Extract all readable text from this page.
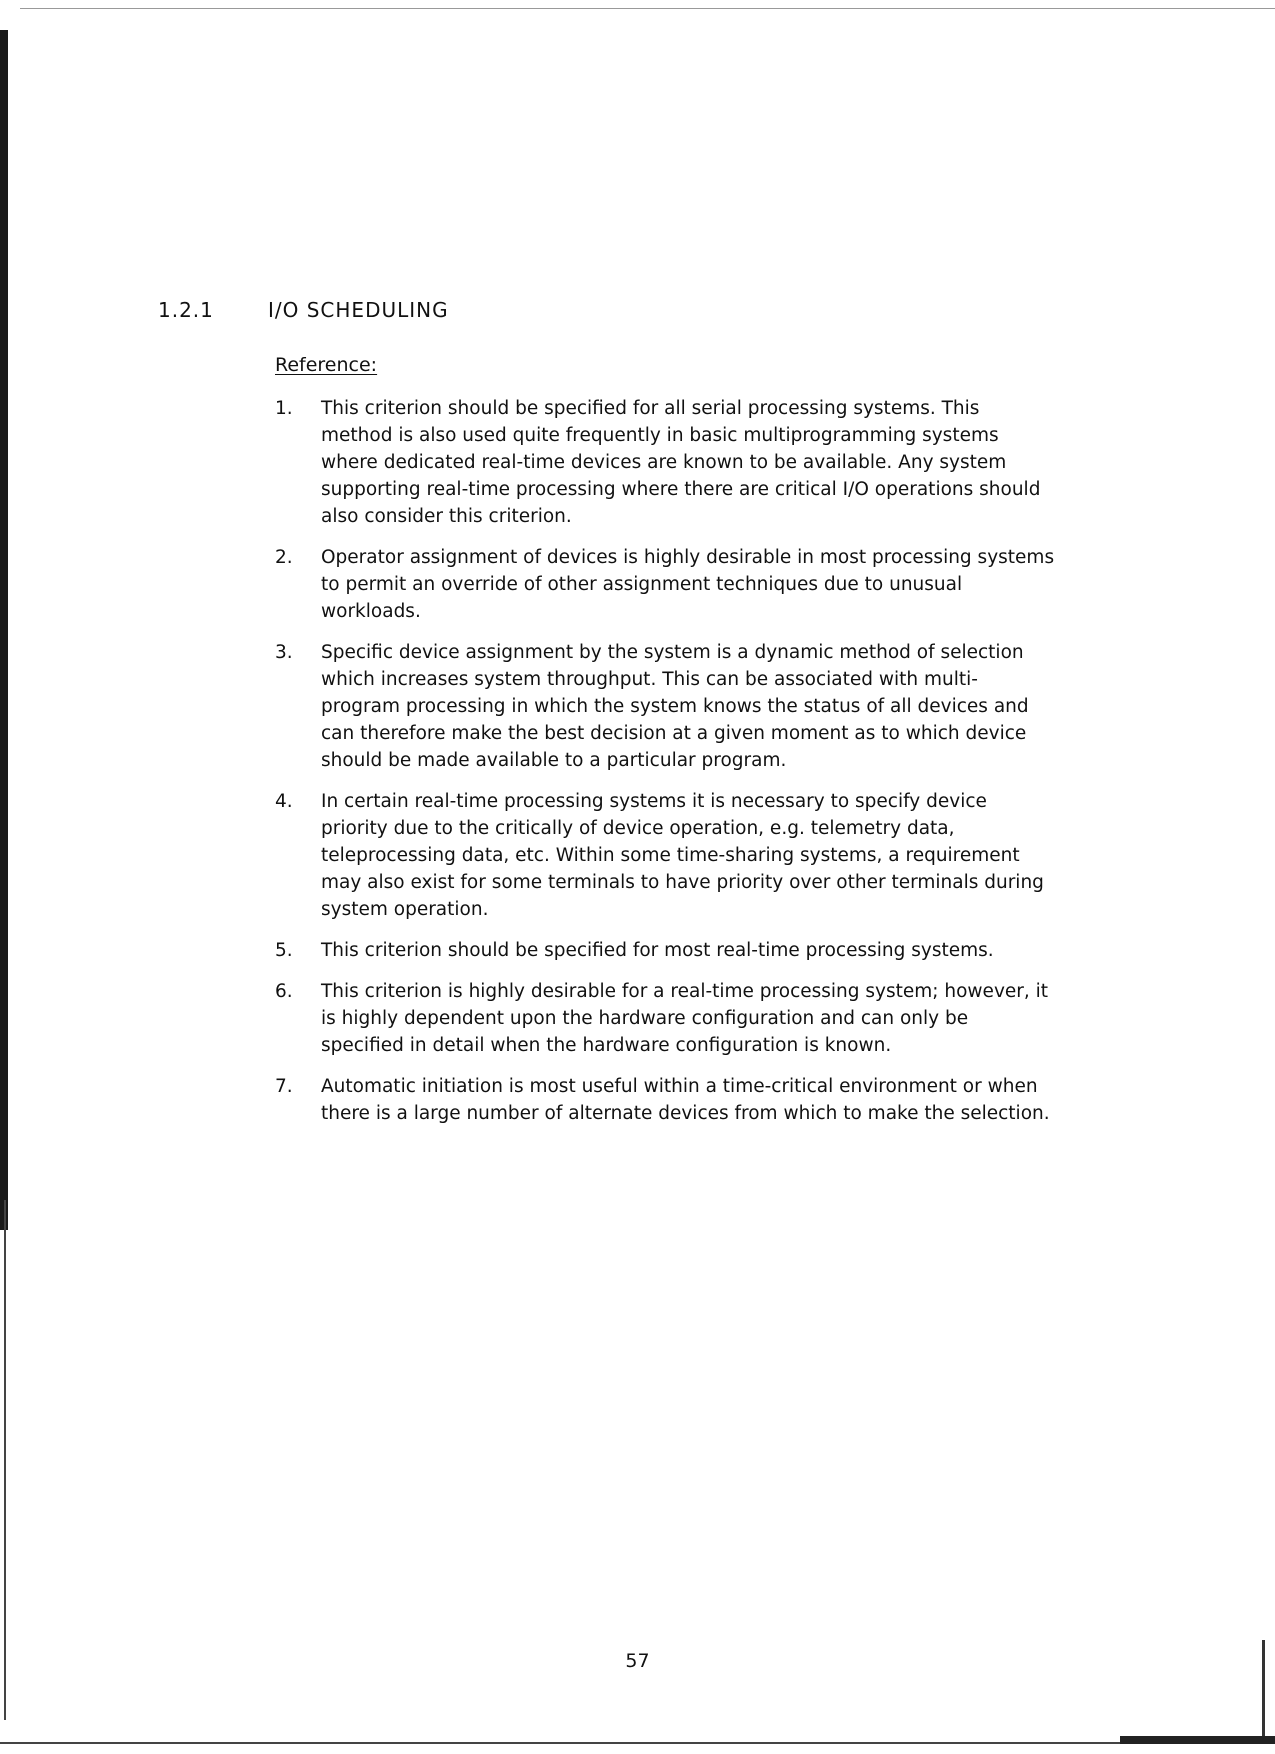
1.2.1	I/O SCHEDULING
Reference:
1. This criterion should be specified for all serial processing systems. This method is also used quite frequently in basic multiprogramming systems where dedicated real-time devices are known to be available. Any system supporting real-time processing where there are critical I/O operations should also consider this criterion.
2. Operator assignment of devices is highly desirable in most processing systems to permit an override of other assignment techniques due to unusual workloads.
3. Specific device assignment by the system is a dynamic method of selection which increases system throughput. This can be associated with multi-program processing in which the system knows the status of all devices and can therefore make the best decision at a given moment as to which device should be made available to a particular program.
4. In certain real-time processing systems it is necessary to specify device priority due to the critically of device operation, e.g. telemetry data, teleprocessing data, etc. Within some time-sharing systems, a requirement may also exist for some terminals to have priority over other terminals during system operation.
5. This criterion should be specified for most real-time processing systems.
6. This criterion is highly desirable for a real-time processing system; however, it is highly dependent upon the hardware configuration and can only be specified in detail when the hardware configuration is known.
7. Automatic initiation is most useful within a time-critical environment or when there is a large number of alternate devices from which to make the selection.
57
